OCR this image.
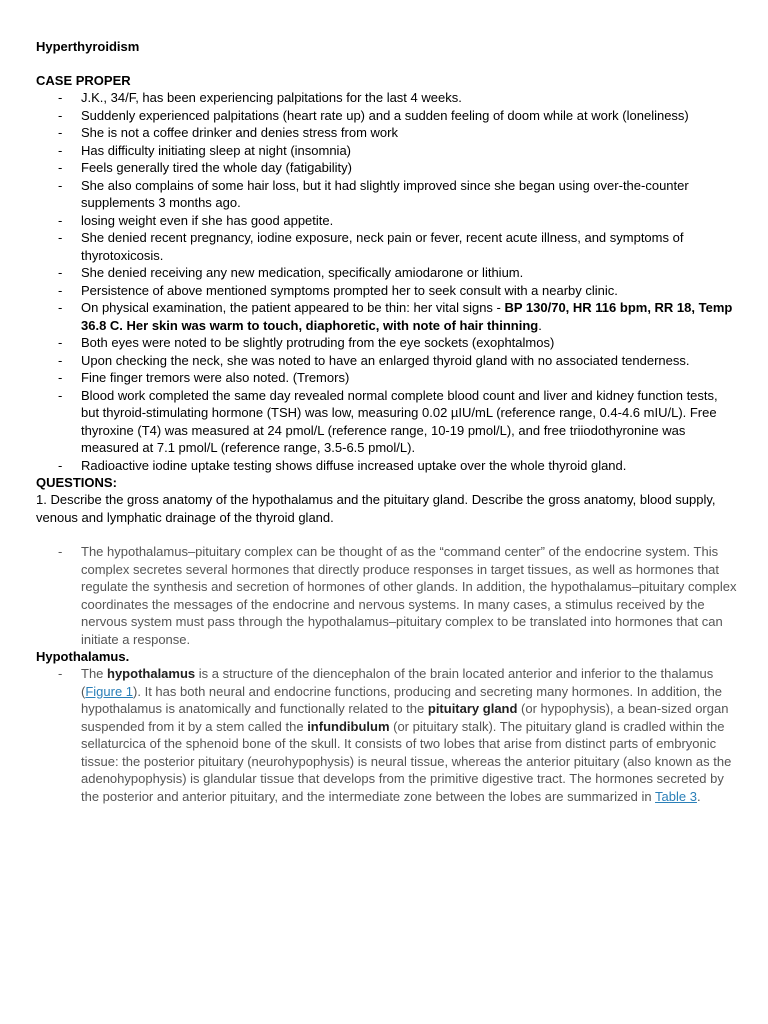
Hyperthyroidism
CASE PROPER
- J.K., 34/F, has been experiencing palpitations for the last 4 weeks.
- Suddenly experienced palpitations (heart rate up) and a sudden feeling of doom while at work (loneliness)
- She is not a coffee drinker and denies stress from work
- Has difficulty initiating sleep at night (insomnia)
- Feels generally tired the whole day (fatigability)
- She also complains of some hair loss, but it had slightly improved since she began using over-the-counter supplements 3 months ago.
- losing weight even if she has good appetite.
- She denied recent pregnancy, iodine exposure, neck pain or fever, recent acute illness, and symptoms of thyrotoxicosis.
- She denied receiving any new medication, specifically amiodarone or lithium.
- Persistence of above mentioned symptoms prompted her to seek consult with a nearby clinic.
- On physical examination, the patient appeared to be thin: her vital signs - BP 130/70, HR 116 bpm, RR 18, Temp 36.8 C. Her skin was warm to touch, diaphoretic, with note of hair thinning.
- Both eyes were noted to be slightly protruding from the eye sockets (exophtalmos)
- Upon checking the neck, she was noted to have an enlarged thyroid gland with no associated tenderness.
- Fine finger tremors were also noted. (Tremors)
- Blood work completed the same day revealed normal complete blood count and liver and kidney function tests, but thyroid-stimulating hormone (TSH) was low, measuring 0.02 µIU/mL (reference range, 0.4-4.6 mIU/L). Free thyroxine (T4) was measured at 24 pmol/L (reference range, 10-19 pmol/L), and free triiodothyronine was measured at 7.1 pmol/L (reference range, 3.5-6.5 pmol/L).
- Radioactive iodine uptake testing shows diffuse increased uptake over the whole thyroid gland.
QUESTIONS:
1. Describe the gross anatomy of the hypothalamus and the pituitary gland. Describe the gross anatomy, blood supply, venous and lymphatic drainage of the thyroid gland.
- The hypothalamus–pituitary complex can be thought of as the “command center” of the endocrine system. This complex secretes several hormones that directly produce responses in target tissues, as well as hormones that regulate the synthesis and secretion of hormones of other glands. In addition, the hypothalamus–pituitary complex coordinates the messages of the endocrine and nervous systems. In many cases, a stimulus received by the nervous system must pass through the hypothalamus–pituitary complex to be translated into hormones that can initiate a response.
Hypothalamus.
- The hypothalamus is a structure of the diencephalon of the brain located anterior and inferior to the thalamus (Figure 1). It has both neural and endocrine functions, producing and secreting many hormones. In addition, the hypothalamus is anatomically and functionally related to the pituitary gland (or hypophysis), a bean-sized organ suspended from it by a stem called the infundibulum (or pituitary stalk). The pituitary gland is cradled within the sellaturcica of the sphenoid bone of the skull. It consists of two lobes that arise from distinct parts of embryonic tissue: the posterior pituitary (neurohypophysis) is neural tissue, whereas the anterior pituitary (also known as the adenohypophysis) is glandular tissue that develops from the primitive digestive tract. The hormones secreted by the posterior and anterior pituitary, and the intermediate zone between the lobes are summarized in Table 3.
